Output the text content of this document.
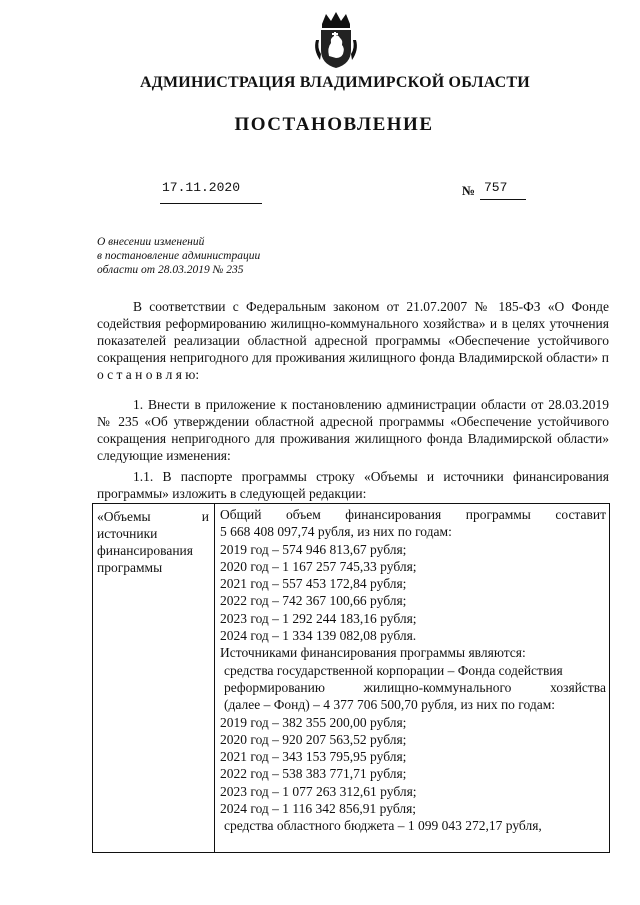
АДМИНИСТРАЦИЯ ВЛАДИМИРСКОЙ ОБЛАСТИ
ПОСТАНОВЛЕНИЕ
17.11.2020	№ 757
О внесении изменений
в постановление администрации
области от 28.03.2019 № 235
В соответствии с Федеральным законом от 21.07.2007 № 185-ФЗ «О Фонде содействия реформированию жилищно-коммунального хозяйства» и в целях уточнения показателей реализации областной адресной программы «Обеспечение устойчивого сокращения непригодного для проживания жилищного фонда Владимирской области» п о с т а н о в л я ю:
1. Внести в приложение к постановлению администрации области от 28.03.2019 № 235 «Об утверждении областной адресной программы «Обеспечение устойчивого сокращения непригодного для проживания жилищного фонда Владимирской области» следующие изменения:
1.1. В паспорте программы строку «Объемы и источники финансирования программы» изложить в следующей редакции:
«Объемы	и
источники
финансирования
программы
Общий объем финансирования программы составит
5 668 408 097,74 рубля, из них по годам:
2019 год – 574 946 813,67 рубля;
2020 год – 1 167 257 745,33 рубля;
2021 год – 557 453 172,84 рубля;
2022 год – 742 367 100,66 рубля;
2023 год – 1 292 244 183,16 рубля;
2024 год – 1 334 139 082,08 рубля.
Источниками финансирования программы являются:
средства государственной корпорации – Фонда содействия
реформированию жилищно-коммунального хозяйства
(далее – Фонд) – 4 377 706 500,70 рубля, из них по годам:
2019 год – 382 355 200,00 рубля;
2020 год – 920 207 563,52 рубля;
2021 год – 343 153 795,95 рубля;
2022 год – 538 383 771,71 рубля;
2023 год – 1 077 263 312,61 рубля;
2024 год – 1 116 342 856,91 рубля;
средства областного бюджета – 1 099 043 272,17 рубля,
